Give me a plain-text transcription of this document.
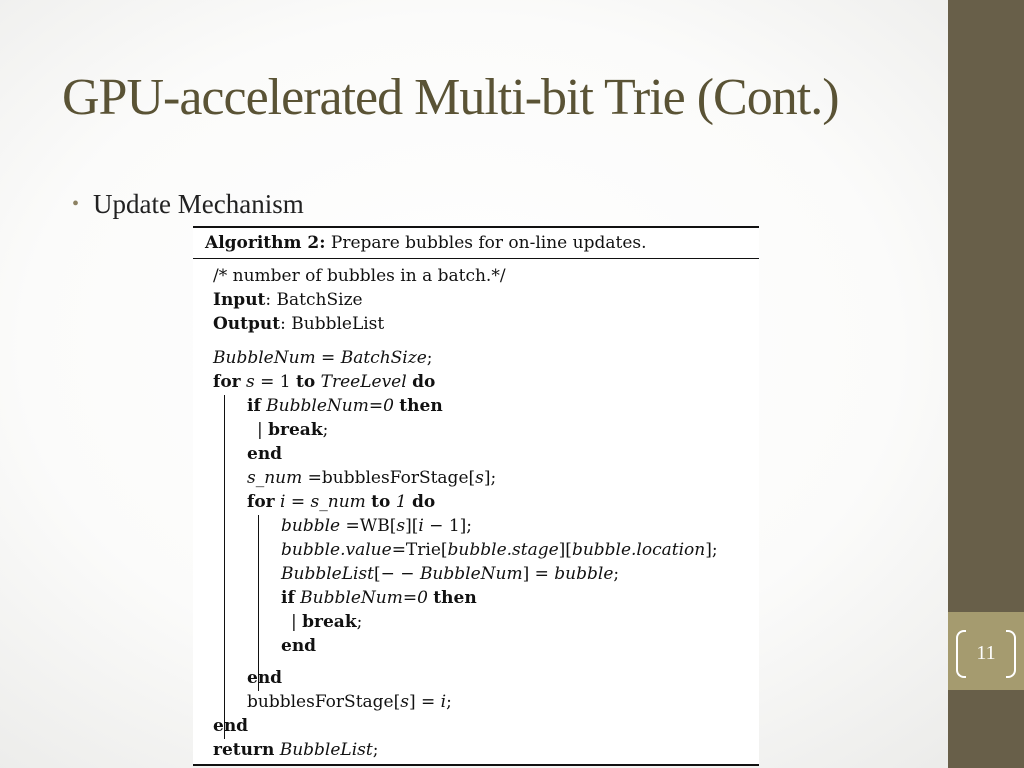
11
GPU-accelerated Multi-bit Trie (Cont.)
• Update Mechanism
Algorithm 2: Prepare bubbles for on-line updates.
/* number of bubbles in a batch.*/
Input: BatchSize
Output: BubbleList
BubbleNum = BatchSize;
for s = 1 to TreeLevel do
if BubbleNum=0 then
| break;
end
s_num =bubblesForStage[s];
for i = s_num to 1 do
bubble =WB[s][i − 1];
bubble.value=Trie[bubble.stage][bubble.location];
BubbleList[− − BubbleNum] = bubble;
if BubbleNum=0 then
| break;
end
end
bubblesForStage[s] = i;
end
return BubbleList;
